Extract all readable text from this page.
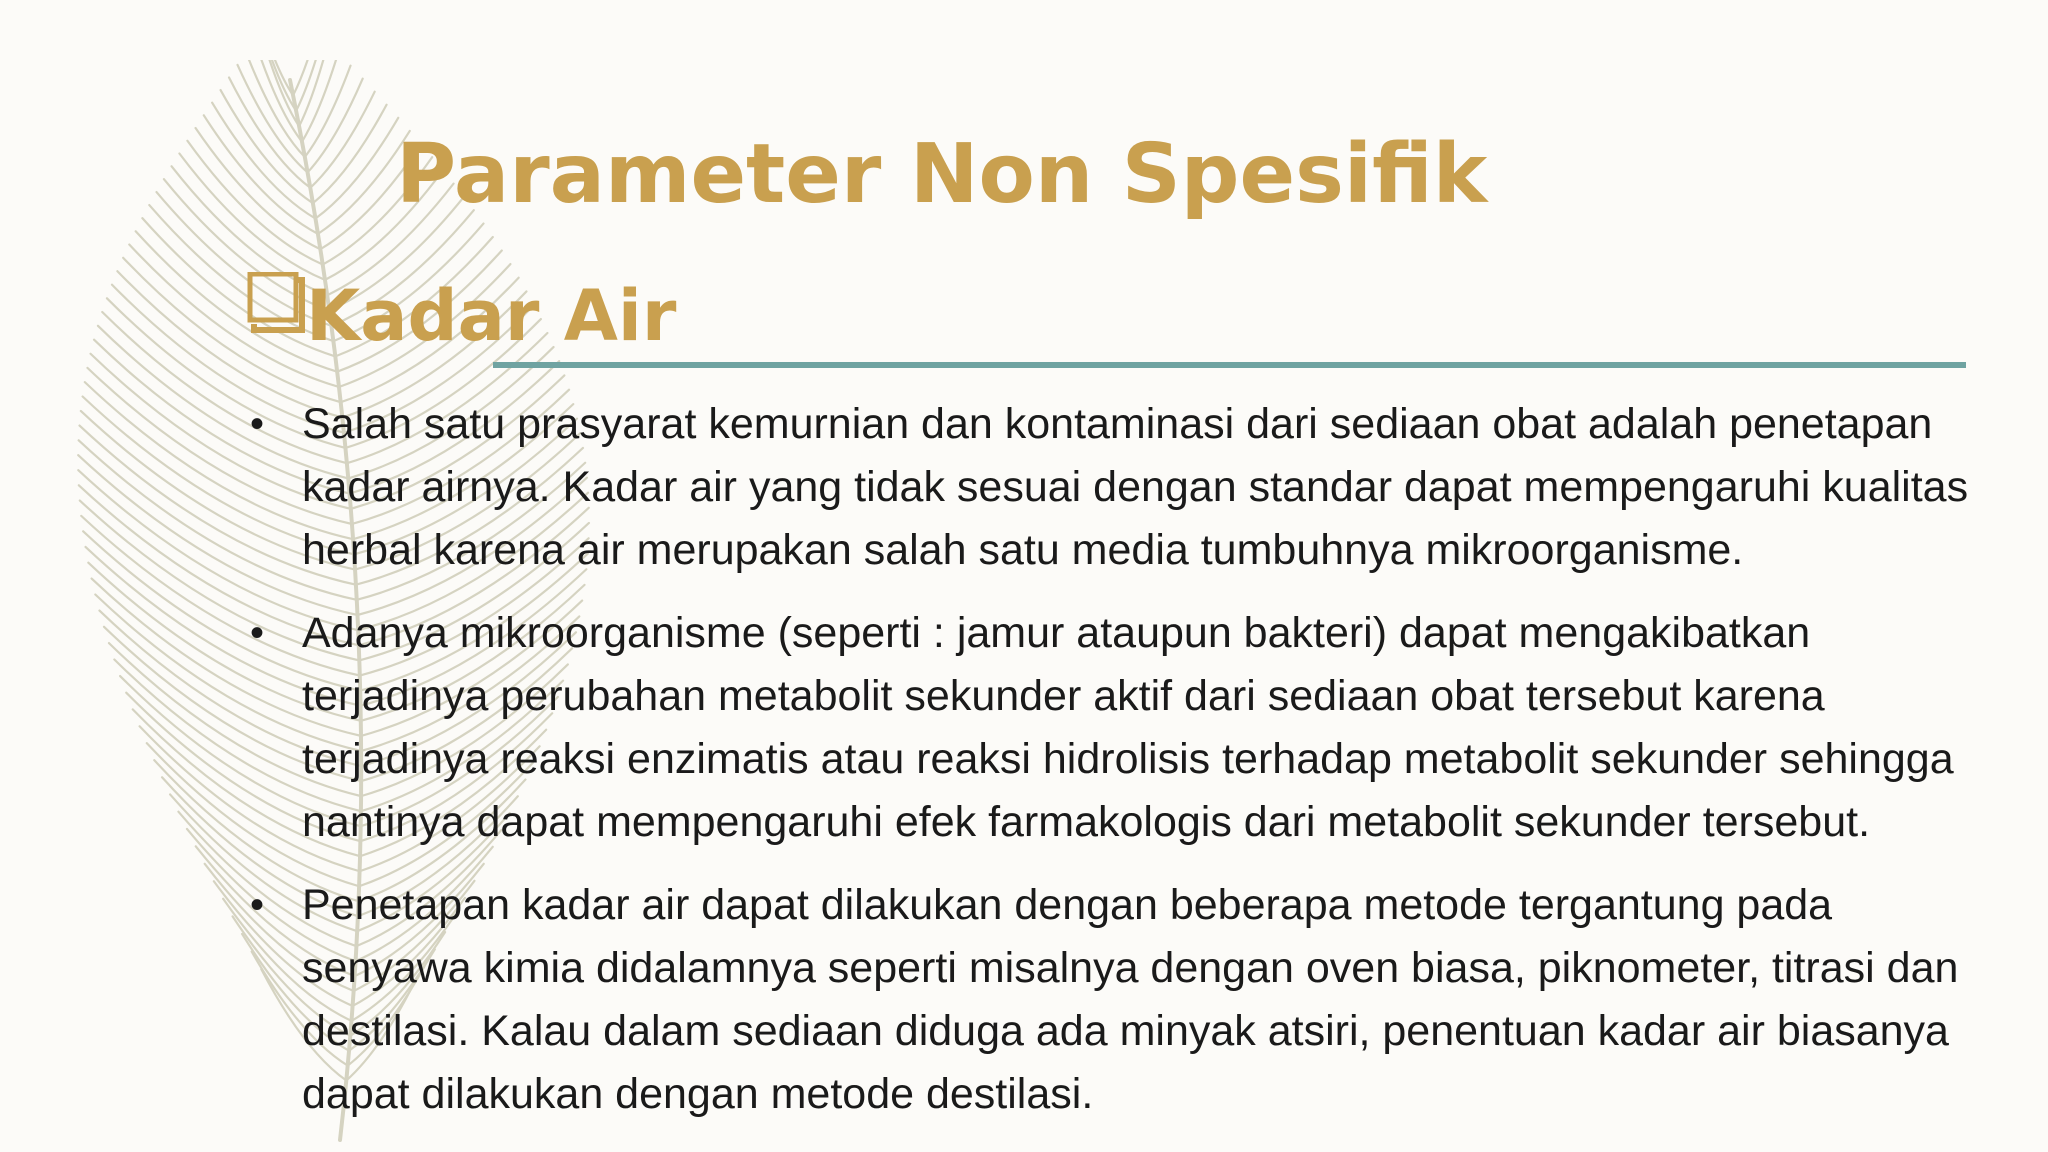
Parameter Non Spesifik
Kadar Air
• Salah satu prasyarat kemurnian dan kontaminasi dari sediaan obat adalah penetapan kadar airnya. Kadar air yang tidak sesuai dengan standar dapat mempengaruhi kualitas herbal karena air merupakan salah satu media tumbuhnya mikroorganisme.
• Adanya mikroorganisme (seperti : jamur ataupun bakteri) dapat mengakibatkan terjadinya perubahan metabolit sekunder aktif dari sediaan obat tersebut karena terjadinya reaksi enzimatis atau reaksi hidrolisis terhadap metabolit sekunder sehingga nantinya dapat mempengaruhi efek farmakologis dari metabolit sekunder tersebut.
• Penetapan kadar air dapat dilakukan dengan beberapa metode tergantung pada senyawa kimia didalamnya seperti misalnya dengan oven biasa, piknometer, titrasi dan destilasi. Kalau dalam sediaan diduga ada minyak atsiri, penentuan kadar air biasanya dapat dilakukan dengan metode destilasi.
